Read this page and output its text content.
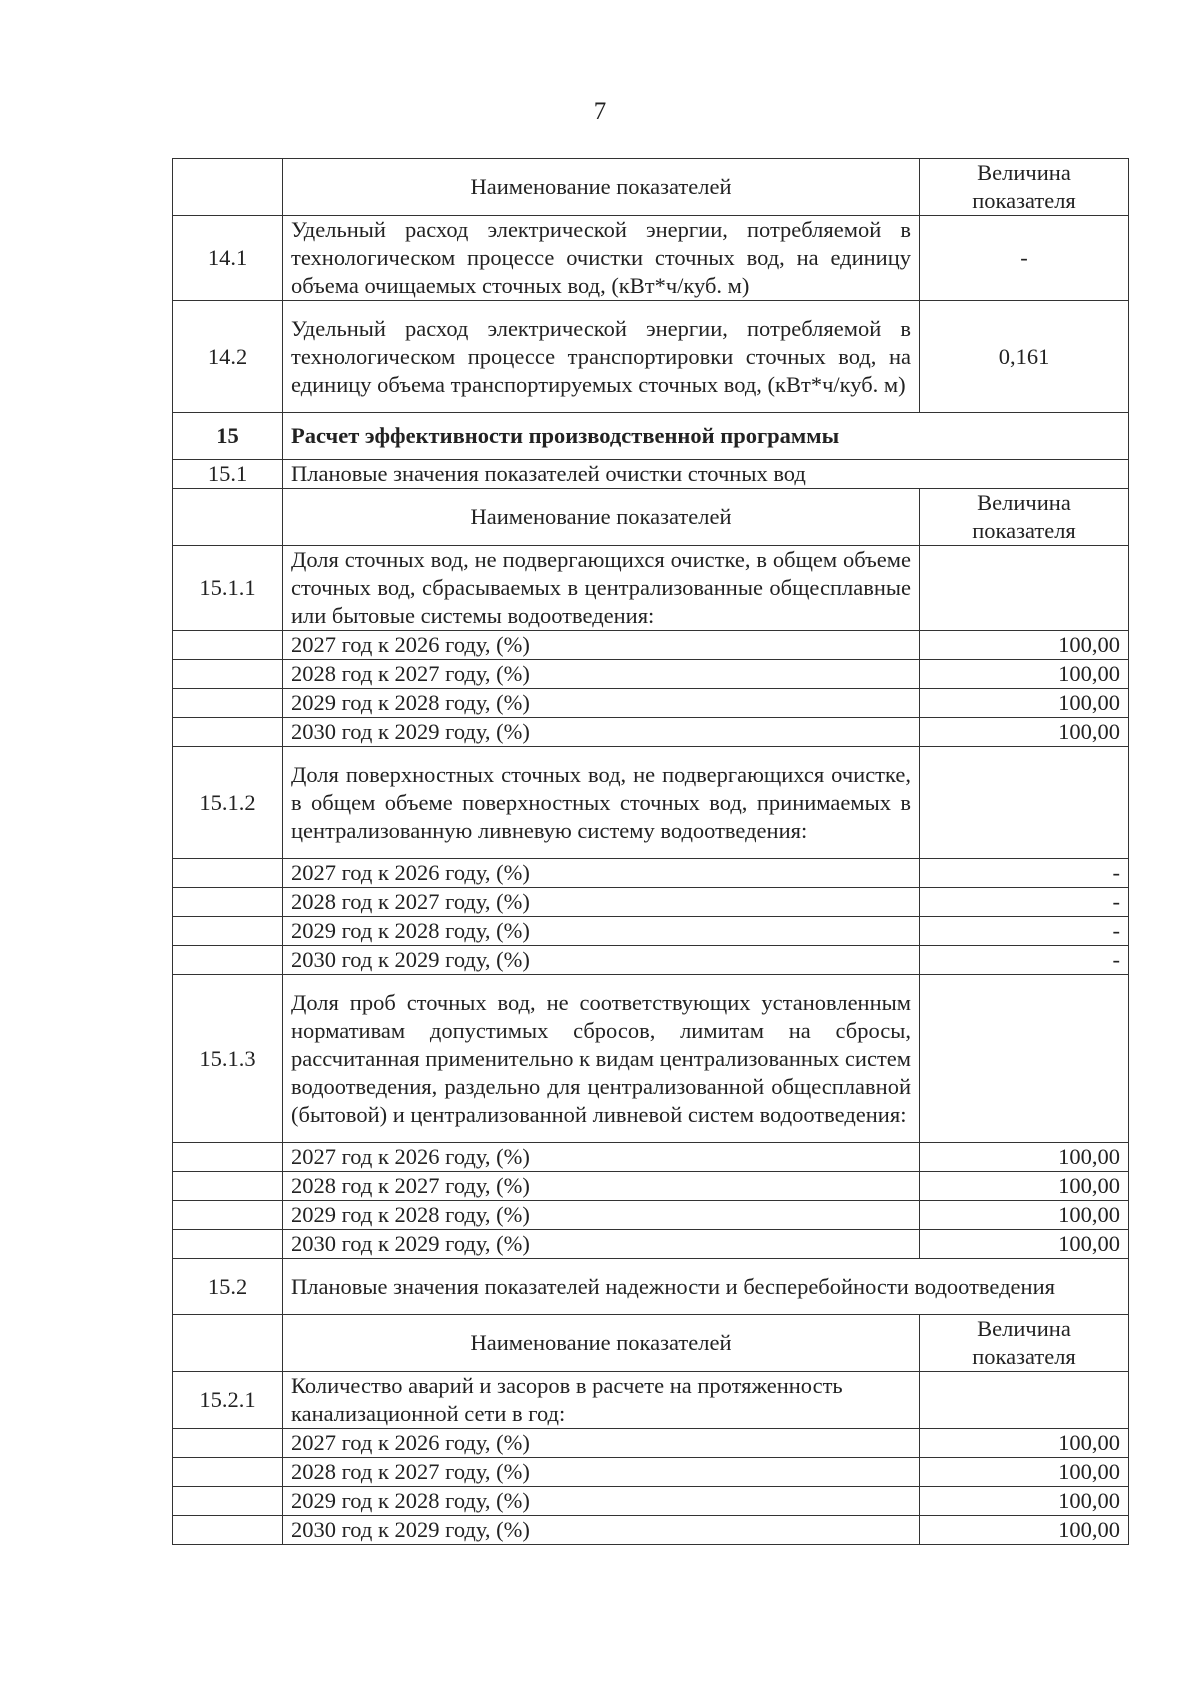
7
	Наименование показателей	Величина
показателя
14.1	Удельный расход электрической энергии, потребляемой в технологическом процессе очистки сточных вод, на единицу объема очищаемых сточных вод, (кВт*ч/куб. м)	-
14.2	Удельный расход электрической энергии, потребляемой в технологическом процессе транспортировки сточных вод, на единицу объема транспортируемых сточных вод, (кВт*ч/куб. м)	0,161
15	Расчет эффективности производственной программы	
15.1	Плановые значения показателей очистки сточных вод	
	Наименование показателей	Величина
показателя
15.1.1	Доля сточных вод, не подвергающихся очистке, в общем объеме сточных вод, сбрасываемых в централизованные общесплавные или бытовые системы водоотведения:	
	2027 год к 2026 году, (%)	100,00
	2028 год к 2027 году, (%)	100,00
	2029 год к 2028 году, (%)	100,00
	2030 год к 2029 году, (%)	100,00
15.1.2	Доля поверхностных сточных вод, не подвергающихся очистке, в общем объеме поверхностных сточных вод, принимаемых в централизованную ливневую систему водоотведения:	
	2027 год к 2026 году, (%)	-
	2028 год к 2027 году, (%)	-
	2029 год к 2028 году, (%)	-
	2030 год к 2029 году, (%)	-
15.1.3	Доля проб сточных вод, не соответствующих установленным нормативам допустимых сбросов, лимитам на сбросы, рассчитанная применительно к видам централизованных систем водоотведения, раздельно для централизованной общесплавной (бытовой) и централизованной ливневой систем водоотведения:	
	2027 год к 2026 году, (%)	100,00
	2028 год к 2027 году, (%)	100,00
	2029 год к 2028 году, (%)	100,00
	2030 год к 2029 году, (%)	100,00
15.2	Плановые значения показателей надежности и бесперебойности водоотведения	
	Наименование показателей	Величина
показателя
15.2.1	Количество аварий и засоров в расчете на протяженность канализационной сети в год:	
	2027 год к 2026 году, (%)	100,00
	2028 год к 2027 году, (%)	100,00
	2029 год к 2028 году, (%)	100,00
	2030 год к 2029 году, (%)	100,00
